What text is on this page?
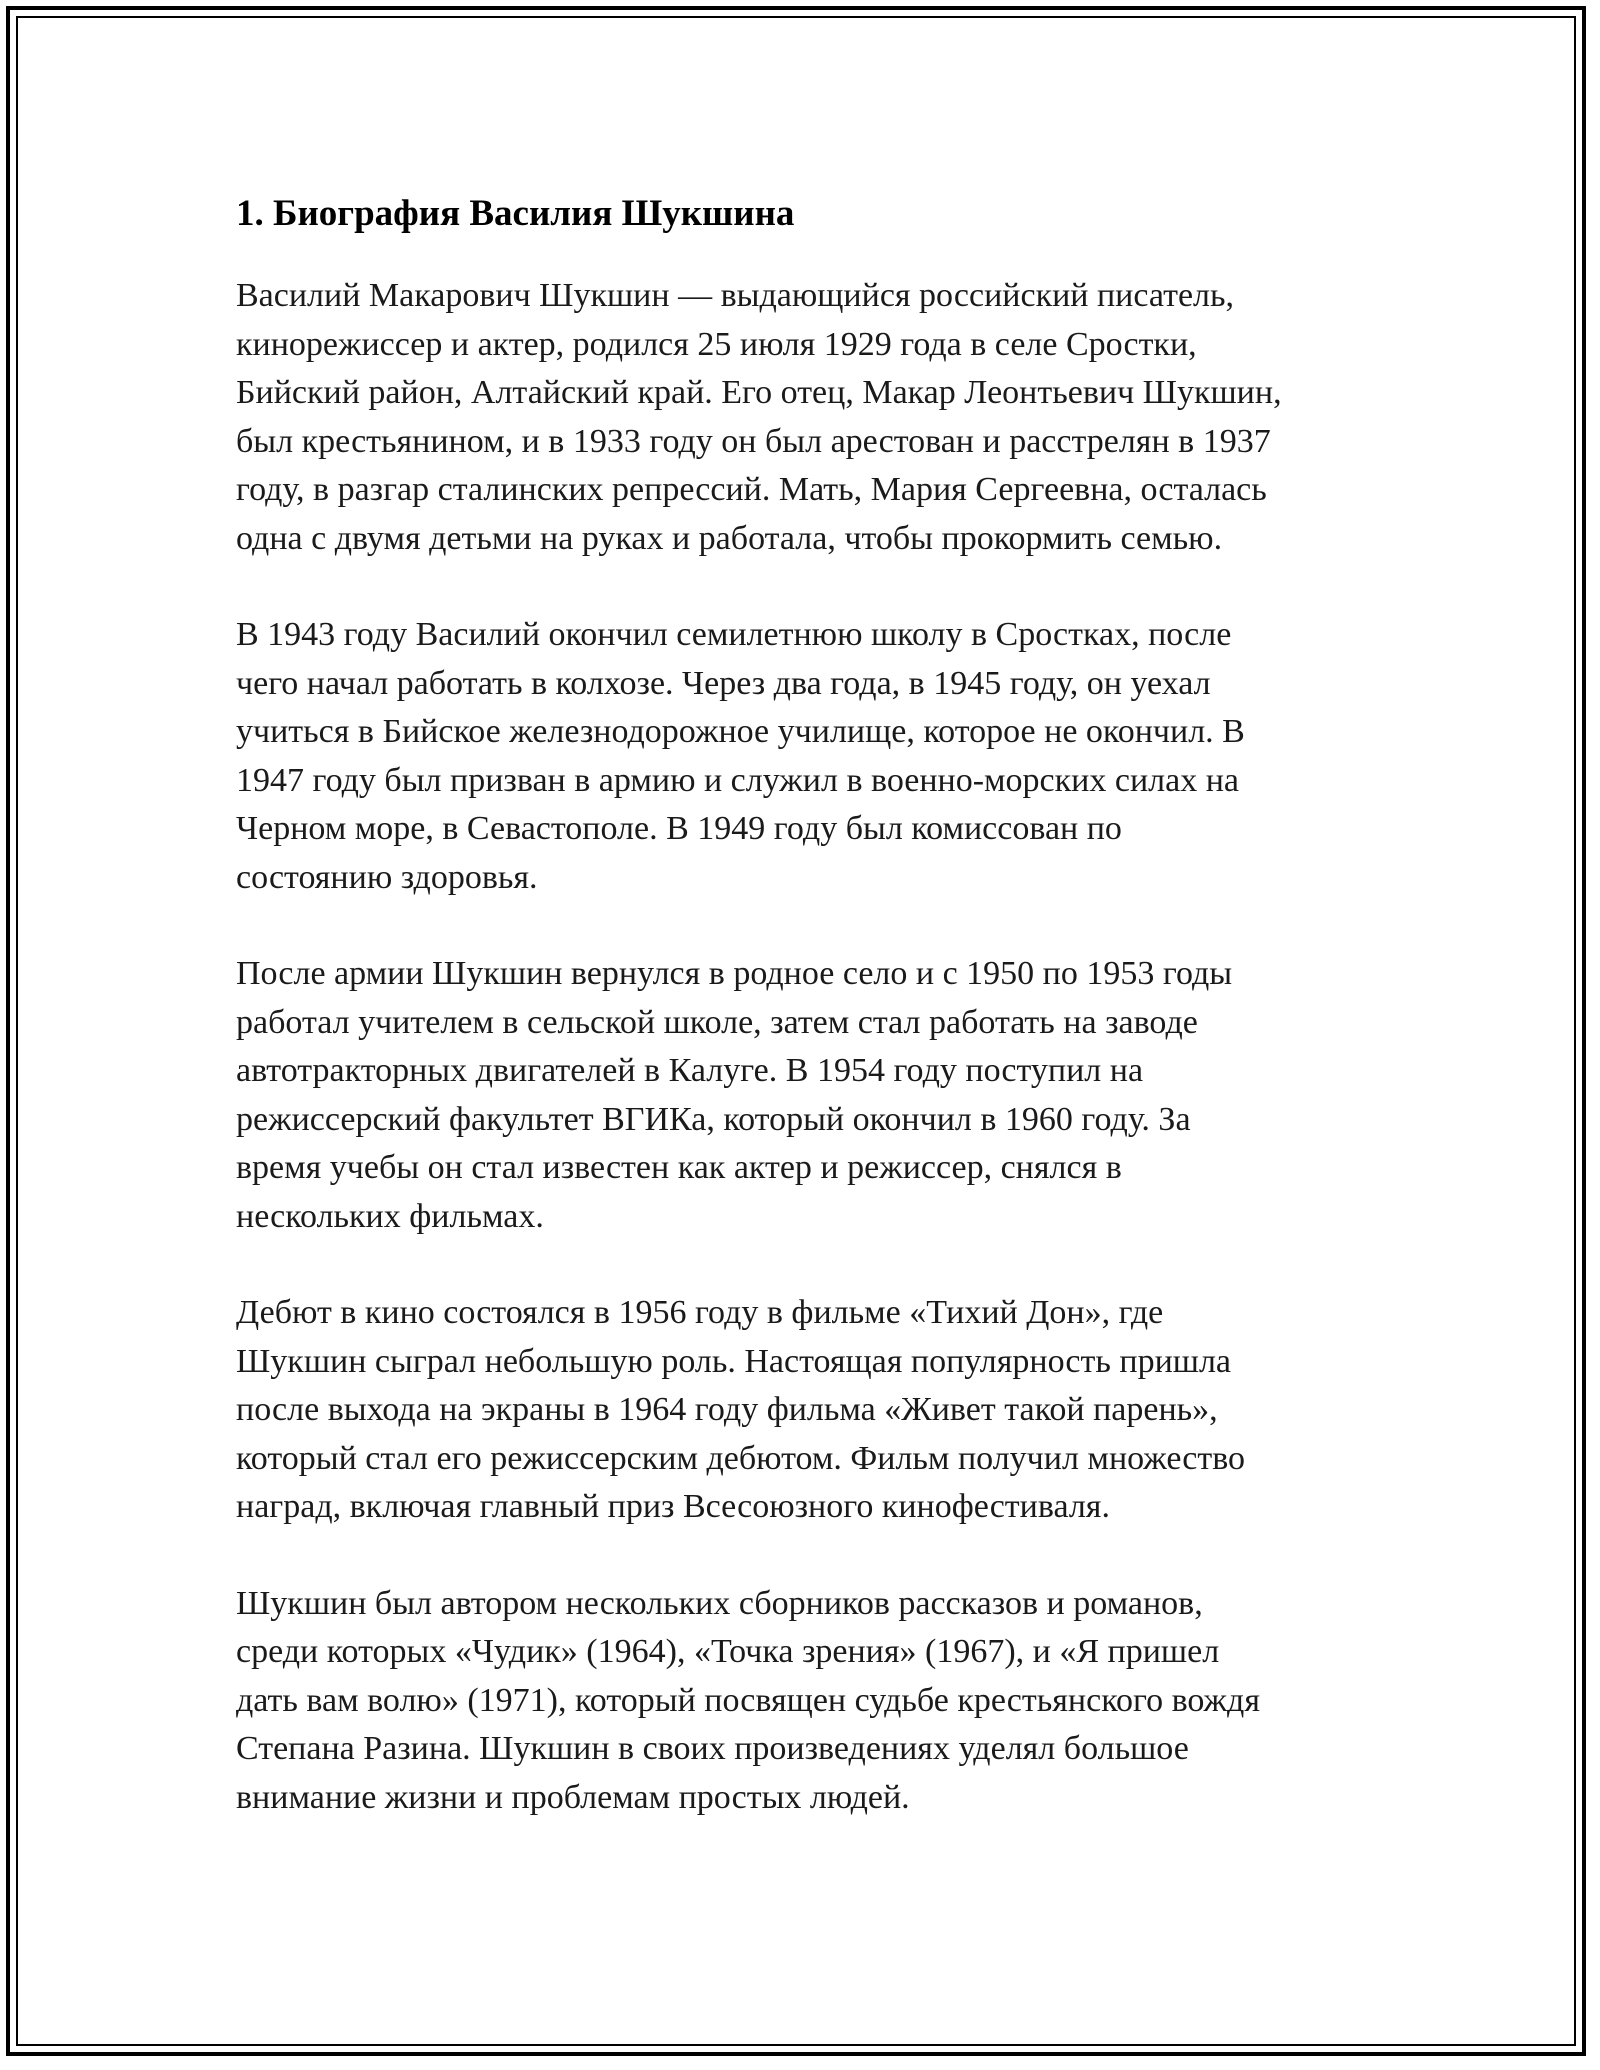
1. Биография Василия Шукшина
Василий Макарович Шукшин — выдающийся российский писатель,
кинорежиссер и актер, родился 25 июля 1929 года в селе Сростки,
Бийский район, Алтайский край. Его отец, Макар Леонтьевич Шукшин,
был крестьянином, и в 1933 году он был арестован и расстрелян в 1937
году, в разгар сталинских репрессий. Мать, Мария Сергеевна, осталась
одна с двумя детьми на руках и работала, чтобы прокормить семью.
В 1943 году Василий окончил семилетнюю школу в Сростках, после
чего начал работать в колхозе. Через два года, в 1945 году, он уехал
учиться в Бийское железнодорожное училище, которое не окончил. В
1947 году был призван в армию и служил в военно-морских силах на
Черном море, в Севастополе. В 1949 году был комиссован по
состоянию здоровья.
После армии Шукшин вернулся в родное село и с 1950 по 1953 годы
работал учителем в сельской школе, затем стал работать на заводе
автотракторных двигателей в Калуге. В 1954 году поступил на
режиссерский факультет ВГИКа, который окончил в 1960 году. За
время учебы он стал известен как актер и режиссер, снялся в
нескольких фильмах.
Дебют в кино состоялся в 1956 году в фильме «Тихий Дон», где
Шукшин сыграл небольшую роль. Настоящая популярность пришла
после выхода на экраны в 1964 году фильма «Живет такой парень»,
который стал его режиссерским дебютом. Фильм получил множество
наград, включая главный приз Всесоюзного кинофестиваля.
Шукшин был автором нескольких сборников рассказов и романов,
среди которых «Чудик» (1964), «Точка зрения» (1967), и «Я пришел
дать вам волю» (1971), который посвящен судьбе крестьянского вождя
Степана Разина. Шукшин в своих произведениях уделял большое
внимание жизни и проблемам простых людей.
